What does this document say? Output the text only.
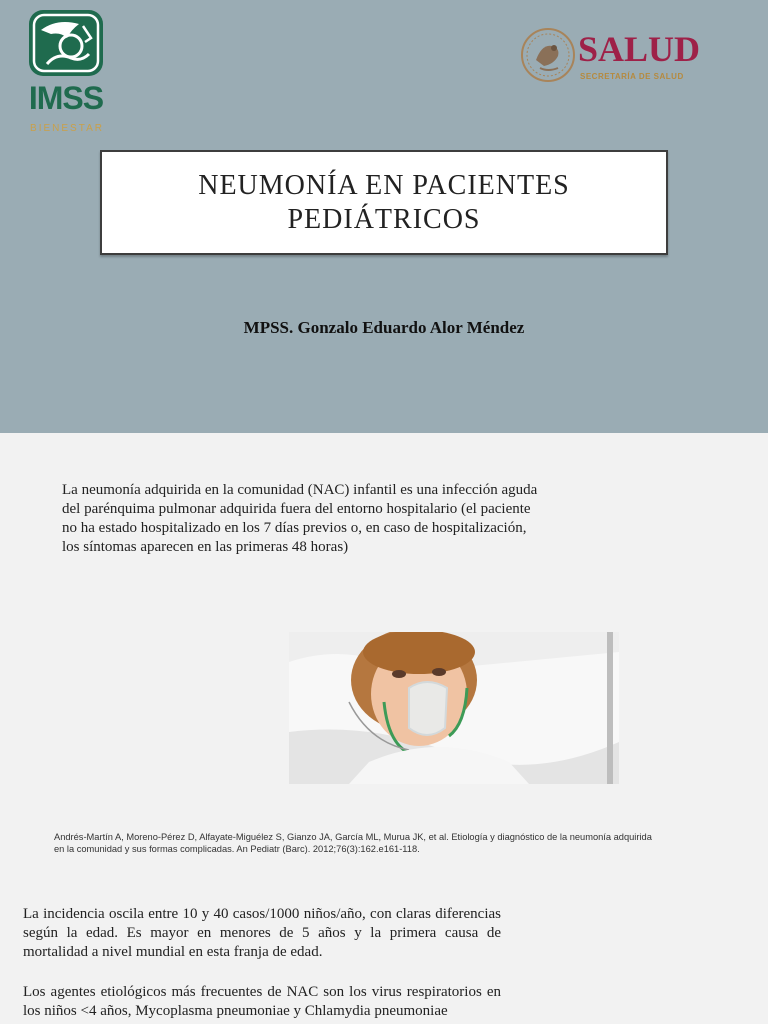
IMSS
BIENESTAR
SALUD
SECRETARÍA DE SALUD
NEUMONÍA EN PACIENTES
PEDIÁTRICOS
MPSS. Gonzalo Eduardo Alor Méndez
La neumonía adquirida en la comunidad (NAC) infantil es una infección aguda del parénquima pulmonar adquirida fuera del entorno hospitalario (el paciente no ha estado hospitalizado en los 7 días previos o, en caso de hospitalización, los síntomas aparecen en las primeras 48 horas)
Andrés-Martín A, Moreno-Pérez D, Alfayate-Miguélez S, Gianzo JA, García ML, Murua JK, et al. Etiología y diagnóstico de la neumonía adquirida en la comunidad y sus formas complicadas. An Pediatr (Barc). 2012;76(3):162.e161-118.
La incidencia oscila entre 10 y 40 casos/1000 niños/año, con claras diferencias según la edad. Es mayor en menores de 5 años y la primera causa de mortalidad a nivel mundial en esta franja de edad.
Los agentes etiológicos más frecuentes de NAC son los virus respiratorios en los niños <4 años, Mycoplasma pneumoniae y Chlamydia pneumoniae
